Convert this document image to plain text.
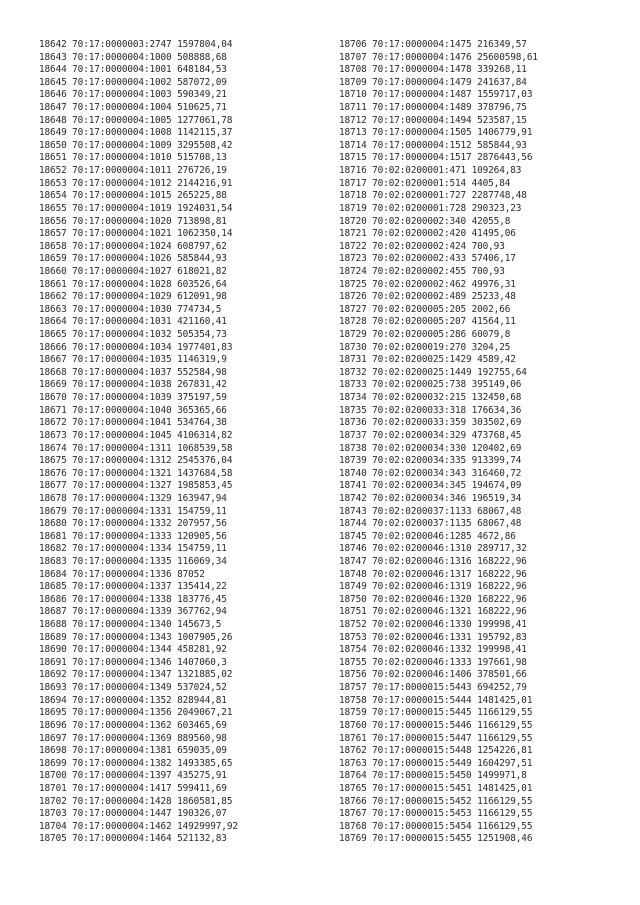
18642 70:17:0000003:2747 1597804,04
18643 70:17:0000004:1000 508888,68
18644 70:17:0000004:1001 648184,53
18645 70:17:0000004:1002 587072,09
18646 70:17:0000004:1003 590349,21
18647 70:17:0000004:1004 510625,71
18648 70:17:0000004:1005 1277061,78
18649 70:17:0000004:1008 1142115,37
18650 70:17:0000004:1009 3295508,42
18651 70:17:0000004:1010 515708,13
18652 70:17:0000004:1011 276726,19
18653 70:17:0000004:1012 2144216,91
18654 70:17:0000004:1015 265225,88
18655 70:17:0000004:1019 1924031,54
18656 70:17:0000004:1020 713898,81
18657 70:17:0000004:1021 1062350,14
18658 70:17:0000004:1024 608797,62
18659 70:17:0000004:1026 585844,93
18660 70:17:0000004:1027 618021,82
18661 70:17:0000004:1028 603526,64
18662 70:17:0000004:1029 612091,98
18663 70:17:0000004:1030 774734,5
18664 70:17:0000004:1031 421160,41
18665 70:17:0000004:1032 505354,73
18666 70:17:0000004:1034 1977401,83
18667 70:17:0000004:1035 1146319,9
18668 70:17:0000004:1037 552584,98
18669 70:17:0000004:1038 267831,42
18670 70:17:0000004:1039 375197,59
18671 70:17:0000004:1040 365365,66
18672 70:17:0000004:1041 534764,38
18673 70:17:0000004:1045 4106314,82
18674 70:17:0000004:1311 1068539,58
18675 70:17:0000004:1312 2545376,04
18676 70:17:0000004:1321 1437684,58
18677 70:17:0000004:1327 1985853,45
18678 70:17:0000004:1329 163947,94
18679 70:17:0000004:1331 154759,11
18680 70:17:0000004:1332 207957,56
18681 70:17:0000004:1333 120905,56
18682 70:17:0000004:1334 154759,11
18683 70:17:0000004:1335 116069,34
18684 70:17:0000004:1336 87052
18685 70:17:0000004:1337 135414,22
18686 70:17:0000004:1338 183776,45
18687 70:17:0000004:1339 367762,94
18688 70:17:0000004:1340 145673,5
18689 70:17:0000004:1343 1007905,26
18690 70:17:0000004:1344 458281,92
18691 70:17:0000004:1346 1407060,3
18692 70:17:0000004:1347 1321885,02
18693 70:17:0000004:1349 537024,52
18694 70:17:0000004:1352 828944,81
18695 70:17:0000004:1356 2049067,21
18696 70:17:0000004:1362 603465,69
18697 70:17:0000004:1369 889560,98
18698 70:17:0000004:1381 659035,09
18699 70:17:0000004:1382 1493385,65
18700 70:17:0000004:1397 435275,91
18701 70:17:0000004:1417 599411,69
18702 70:17:0000004:1428 1860581,85
18703 70:17:0000004:1447 190326,07
18704 70:17:0000004:1462 14929997,92
18705 70:17:0000004:1464 521132,83
18706 70:17:0000004:1475 216349,57
18707 70:17:0000004:1476 25600598,61
18708 70:17:0000004:1478 339268,11
18709 70:17:0000004:1479 241637,84
18710 70:17:0000004:1487 1559717,03
18711 70:17:0000004:1489 378796,75
18712 70:17:0000004:1494 523587,15
18713 70:17:0000004:1505 1406779,91
18714 70:17:0000004:1512 585844,93
18715 70:17:0000004:1517 2876443,56
18716 70:02:0200001:471 109264,83
18717 70:02:0200001:514 4405,84
18718 70:02:0200001:727 2287748,48
18719 70:02:0200001:728 290323,23
18720 70:02:0200002:340 42055,8
18721 70:02:0200002:420 41495,06
18722 70:02:0200002:424 700,93
18723 70:02:0200002:433 57406,17
18724 70:02:0200002:455 700,93
18725 70:02:0200002:462 49976,31
18726 70:02:0200002:489 25233,48
18727 70:02:0200005:205 2002,66
18728 70:02:0200005:207 41564,11
18729 70:02:0200005:286 60079,8
18730 70:02:0200019:270 3204,25
18731 70:02:0200025:1429 4589,42
18732 70:02:0200025:1449 192755,64
18733 70:02:0200025:738 395149,06
18734 70:02:0200032:215 132450,68
18735 70:02:0200033:318 176634,36
18736 70:02:0200033:359 303502,69
18737 70:02:0200034:329 473768,45
18738 70:02:0200034:330 120402,69
18739 70:02:0200034:335 913399,74
18740 70:02:0200034:343 316460,72
18741 70:02:0200034:345 194674,09
18742 70:02:0200034:346 196519,34
18743 70:02:0200037:1133 68067,48
18744 70:02:0200037:1135 68067,48
18745 70:02:0200046:1285 4672,86
18746 70:02:0200046:1310 289717,32
18747 70:02:0200046:1316 168222,96
18748 70:02:0200046:1317 168222,96
18749 70:02:0200046:1319 168222,96
18750 70:02:0200046:1320 168222,96
18751 70:02:0200046:1321 168222,96
18752 70:02:0200046:1330 199998,41
18753 70:02:0200046:1331 195792,83
18754 70:02:0200046:1332 199998,41
18755 70:02:0200046:1333 197661,98
18756 70:02:0200046:1406 378501,66
18757 70:17:0000015:5443 694252,79
18758 70:17:0000015:5444 1481425,01
18759 70:17:0000015:5445 1166129,55
18760 70:17:0000015:5446 1166129,55
18761 70:17:0000015:5447 1166129,55
18762 70:17:0000015:5448 1254226,81
18763 70:17:0000015:5449 1604297,51
18764 70:17:0000015:5450 1499971,8
18765 70:17:0000015:5451 1481425,01
18766 70:17:0000015:5452 1166129,55
18767 70:17:0000015:5453 1166129,55
18768 70:17:0000015:5454 1166129,55
18769 70:17:0000015:5455 1251908,46
